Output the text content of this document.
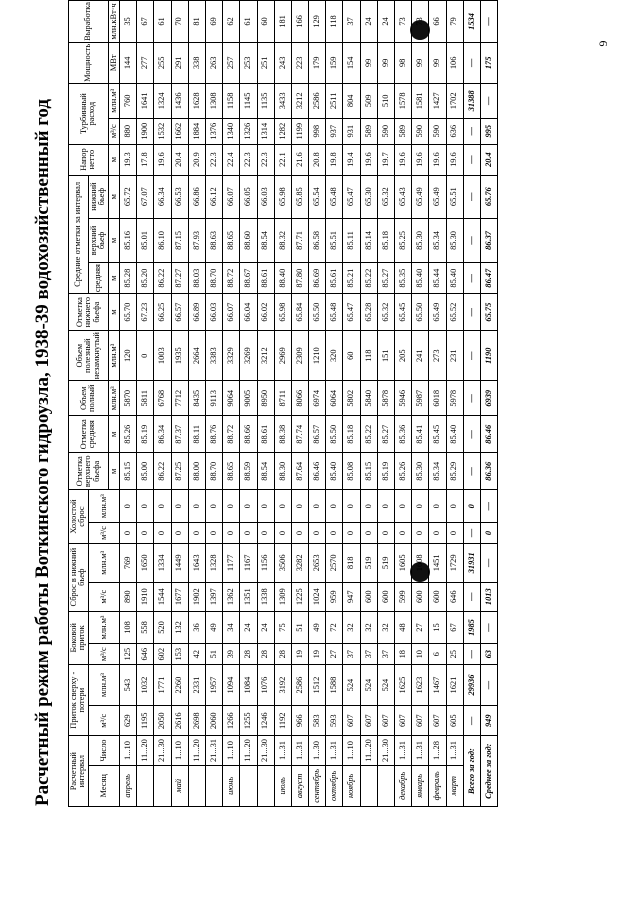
6
Расчетный режим работы Воткинского гидроузла, 1938-39 водохозяйственный год Расчетный интервал		Приток сверху - потери		Боковой приток		Сброс в нижний бьеф		Холостой сброс		Отметка верхнего бьефа	Отметка средняя	Объем полный	Объем полезный незамкнутый	Отметка нижнего бьефа	Средние отметки за интервал			Напор нетто	Турбинный расход		Мощность	Выработка
Месяц	Число	м³/с	млн.м³	м³/с	млн.м³	м³/с	млн.м³	м³/с	млн.м³						средняя	верхний бьеф	нижний бьеф					
										м	м	млн.м³	млн.м³	м	м	м	м	м	м³/с	млн.м³	МВт	млн.кВт·ч
апрель	1...10	629	543	125	108	890	769	0	0	85.15	85.26	5870	120	65.70	85.28	85.16	65.72	19.3	880	760	144	35
	11...20	1195	1032	646	558	1910	1650	0	0	85.00	85.19	5811	0	67.23	85.20	85.01	67.07	17.8	1900	1641	277	67
	21...30	2050	1771	602	520	1544	1334	0	0	86.22	86.34	6768	1003	66.25	86.22	86.10	66.34	19.6	1532	1324	255	61
май	1...10	2616	2260	153	132	1677	1449	0	0	87.25	87.37	7712	1935	66.57	87.27	87.15	66.53	20.4	1662	1436	291	70
	11...20	2698	2331	42	36	1902	1643	0	0	88.00	88.11	8435	2664	66.89	88.03	87.93	66.86	20.9	1884	1628	338	81
	21...31	2060	1957	51	49	1397	1328	0	0	88.70	88.76	9113	3383	66.03	88.70	88.63	66.12	22.3	1376	1308	263	69
июнь	1...10	1266	1094	39	34	1362	1177	0	0	88.65	88.72	9064	3329	66.07	88.72	88.65	66.07	22.4	1340	1158	257	62
	11...20	1255	1084	28	24	1351	1167	0	0	88.59	88.66	9005	3269	66.04	88.67	88.60	66.05	22.3	1326	1145	253	61
	21...30	1246	1076	28	24	1338	1156	0	0	88.54	88.61	8950	3212	66.02	88.61	88.54	66.03	22.3	1314	1135	251	60
июль	1...31	1192	3192	28	75	1309	3506	0	0	88.30	88.38	8711	2969	65.98	88.40	88.32	65.98	22.1	1282	3433	243	181
август	1...31	966	2586	19	51	1225	3282	0	0	87.64	87.74	8066	2309	65.84	87.80	87.71	65.85	21.6	1199	3212	223	166
сентябрь	1...30	583	1512	19	49	1024	2653	0	0	86.46	86.57	6974	1210	65.50	86.69	86.58	65.54	20.8	998	2586	179	129
октябрь	1...31	593	1588	27	72	959	2570	0	0	85.40	85.50	6064	320	65.48	85.61	85.51	65.48	19.8	937	2511	159	118
ноябрь	1...10	607	524	37	32	947	818	0	0	85.08	85.18	5802	60	65.47	85.21	85.11	65.47	19.4	931	804	154	37
	11...20	607	524	37	32	600	519	0	0	85.15	85.22	5840	118	65.28	85.22	85.14	65.30	19.6	589	509	99	24
	21...30	607	524	37	32	600	519	0	0	85.19	85.27	5878	151	65.32	85.27	85.18	65.32	19.7	590	510	99	24
декабрь	1...31	607	1625	18	48	599	1605	0	0	85.26	85.36	5946	205	65.45	85.35	85.25	65.43	19.6	589	1578	98	73
январь	1...31	607	1623	10	27	600	1608	0	0	85.30	85.41	5987	241	65.50	85.40	85.30	65.49	19.6	590	1581	99	73
февраль	1...28	607	1467	6	15	600	1451	0	0	85.34	85.45	6018	273	65.49	85.44	85.34	65.49	19.6	590	1427	99	66
март	1...31	605	1621	25	67	646	1729	0	0	85.29	85.40	5978	231	65.52	85.40	85.30	65.51	19.6	636	1702	106	79
Всего за год:		—	29936	—	1985	—	31931	—	0	—	—	—	—	—	—	—	—	—	—	31388	—	1534
Среднее за год:		949	—	63	—	1013	—	0	—	86.36	86.46	6939	1190	65.75	86.47	86.37	65.76	20.4	995	—	175	—
